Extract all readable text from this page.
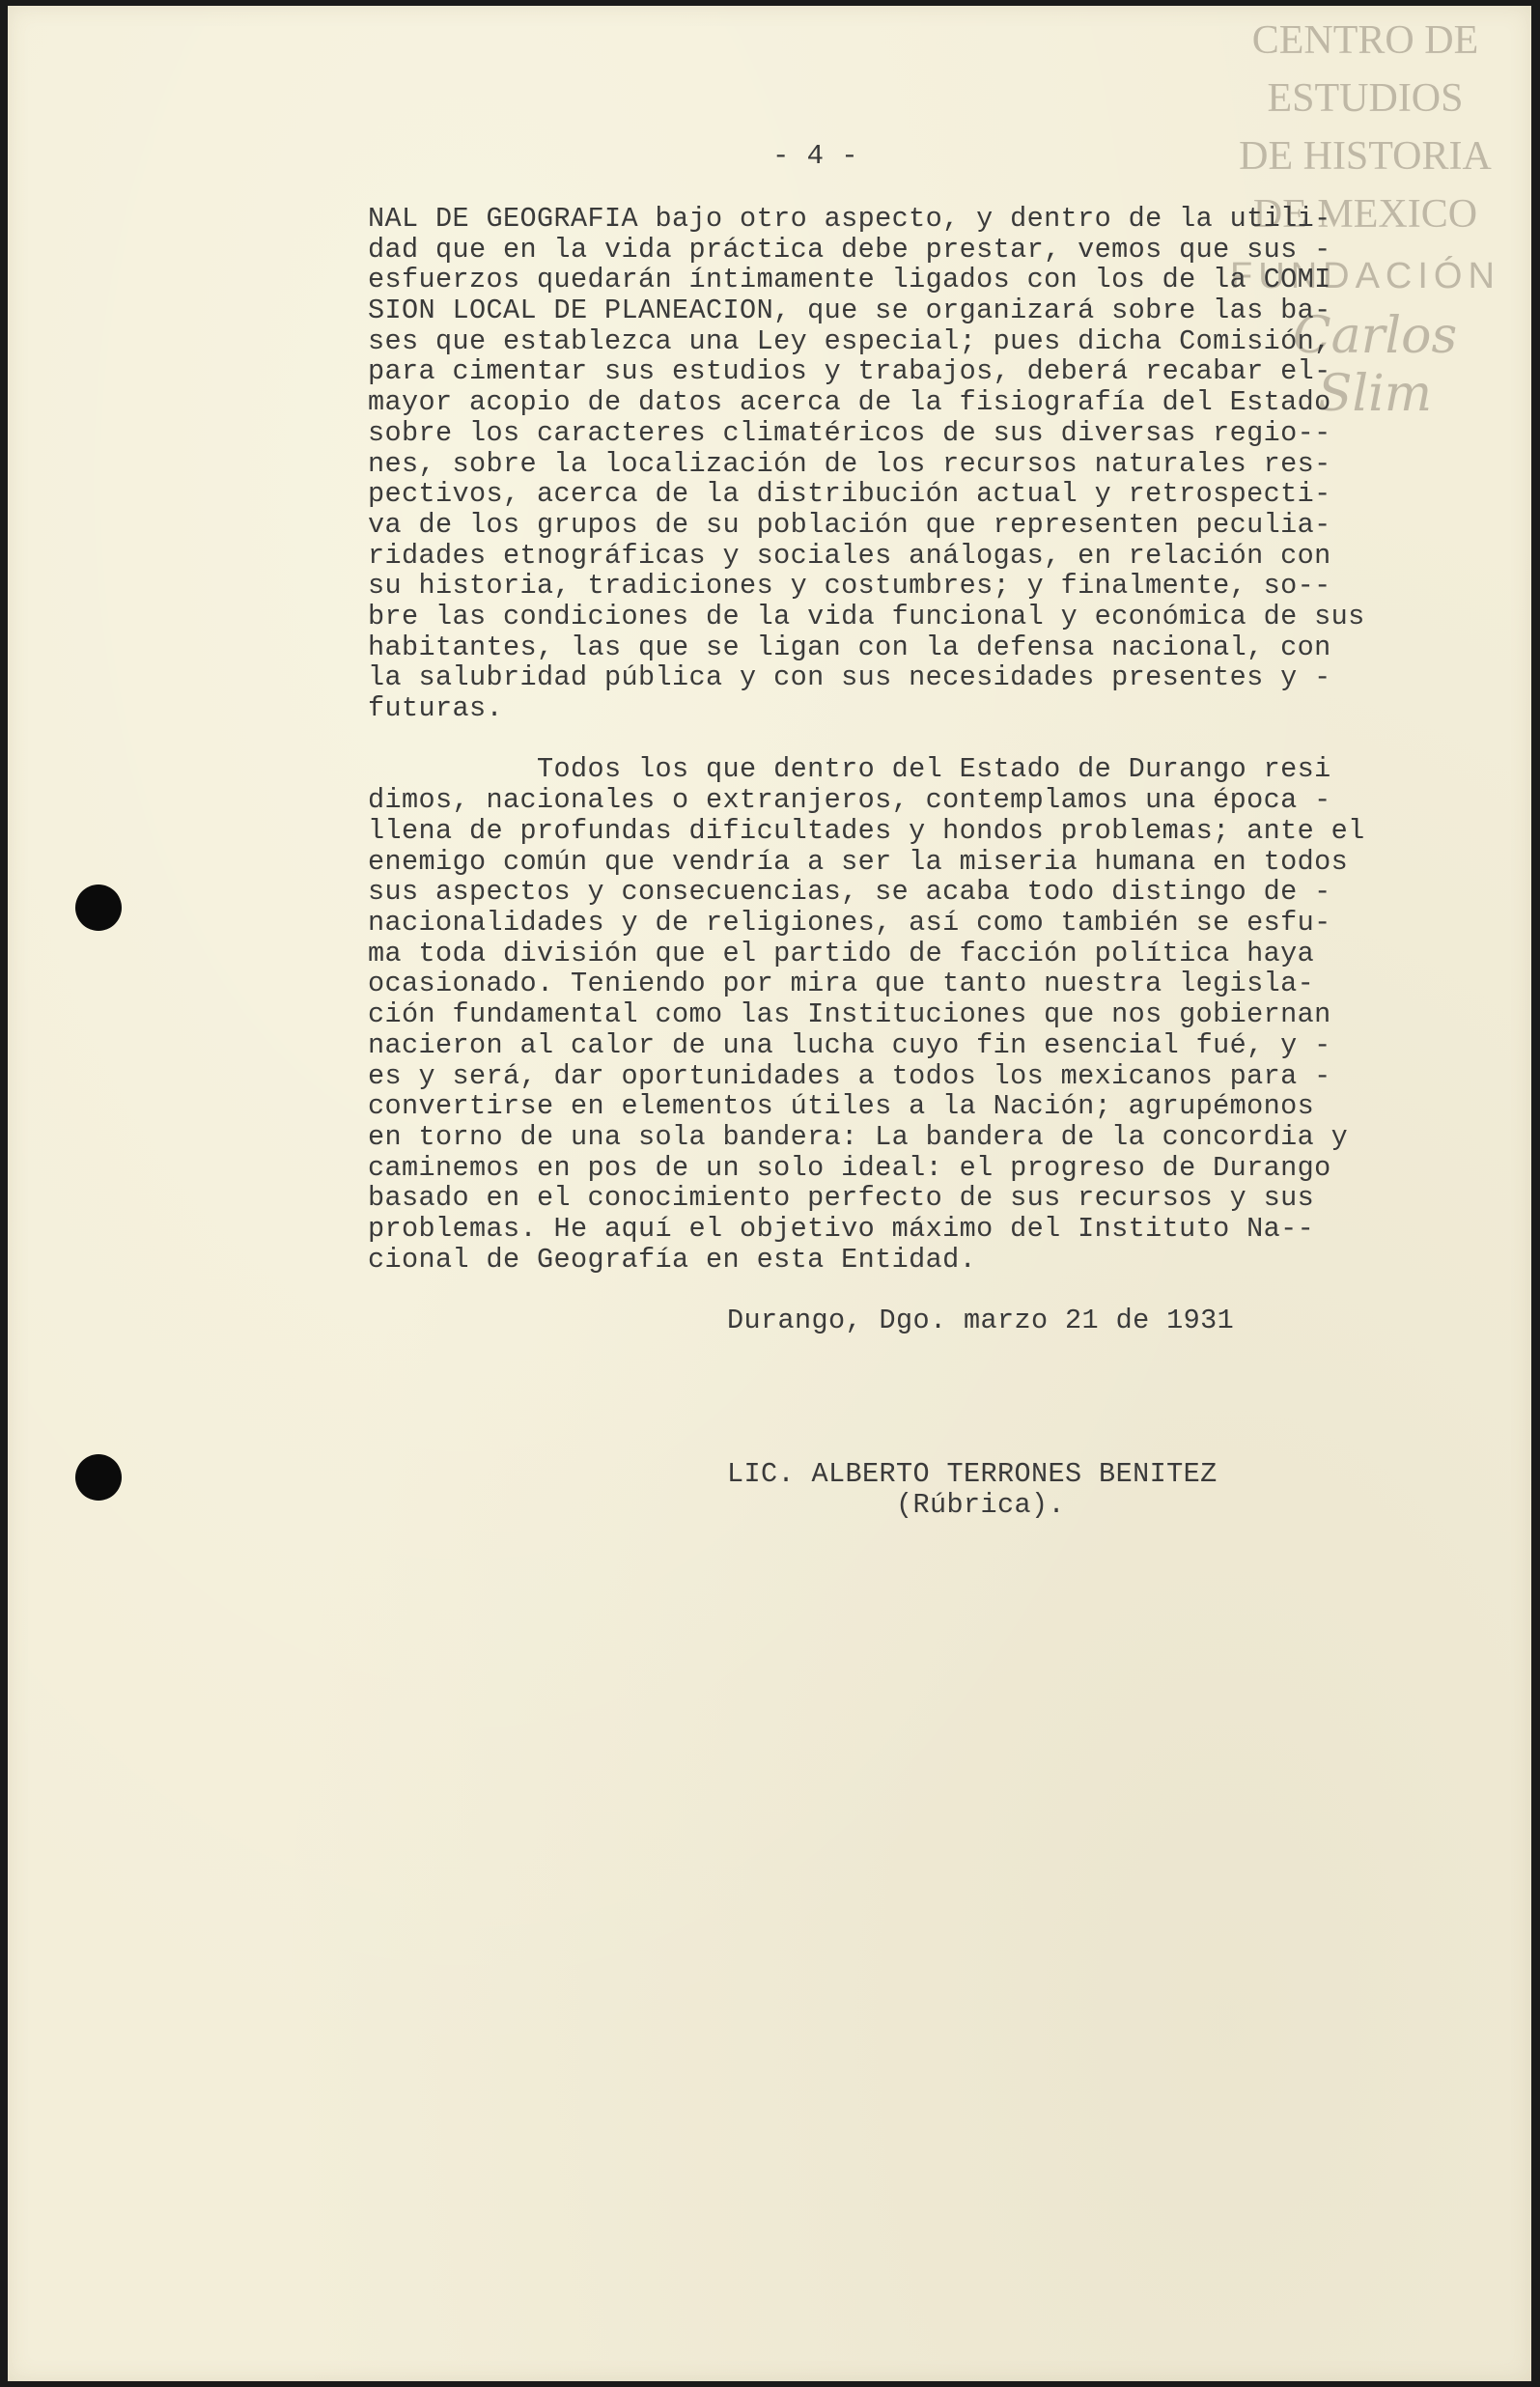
CENTRO DE
ESTUDIOS
DE HISTORIA
DE MEXICO
FUNDACIÓN
Carlos Slim
- 4 -
NAL DE GEOGRAFIA bajo otro aspecto, y dentro de la utili-
dad que en la vida práctica debe prestar, vemos que sus -
esfuerzos quedarán íntimamente ligados con los de la COMI
SION LOCAL DE PLANEACION, que se organizará sobre las ba-
ses que establezca una Ley especial; pues dicha Comisión,
para cimentar sus estudios y trabajos, deberá recabar el-
mayor acopio de datos acerca de la fisiografía del Estado
sobre los caracteres climatéricos de sus diversas regio--
nes, sobre la localización de los recursos naturales res-
pectivos, acerca de la distribución actual y retrospecti-
va de los grupos de su población que representen peculia-
ridades etnográficas y sociales análogas, en relación con
su historia, tradiciones y costumbres; y finalmente, so--
bre las condiciones de la vida funcional y económica de sus
habitantes, las que se ligan con la defensa nacional, con
la salubridad pública y con sus necesidades presentes y -
futuras.
Todos los que dentro del Estado de Durango resi
dimos, nacionales o extranjeros, contemplamos una época -
llena de profundas dificultades y hondos problemas; ante el
enemigo común que vendría a ser la miseria humana en todos
sus aspectos y consecuencias, se acaba todo distingo de -
nacionalidades y de religiones, así como también se esfu-
ma toda división que el partido de facción política haya
ocasionado. Teniendo por mira que tanto nuestra legisla-
ción fundamental como las Instituciones que nos gobiernan
nacieron al calor de una lucha cuyo fin esencial fué, y -
es y será, dar oportunidades a todos los mexicanos para -
convertirse en elementos útiles a la Nación; agrupémonos
en torno de una sola bandera: La bandera de la concordia y
caminemos en pos de un solo ideal: el progreso de Durango
basado en el conocimiento perfecto de sus recursos y sus
problemas. He aquí el objetivo máximo del Instituto Na--
cional de Geografía en esta Entidad.
Durango, Dgo. marzo 21 de 1931
LIC. ALBERTO TERRONES BENITEZ
(Rúbrica).
